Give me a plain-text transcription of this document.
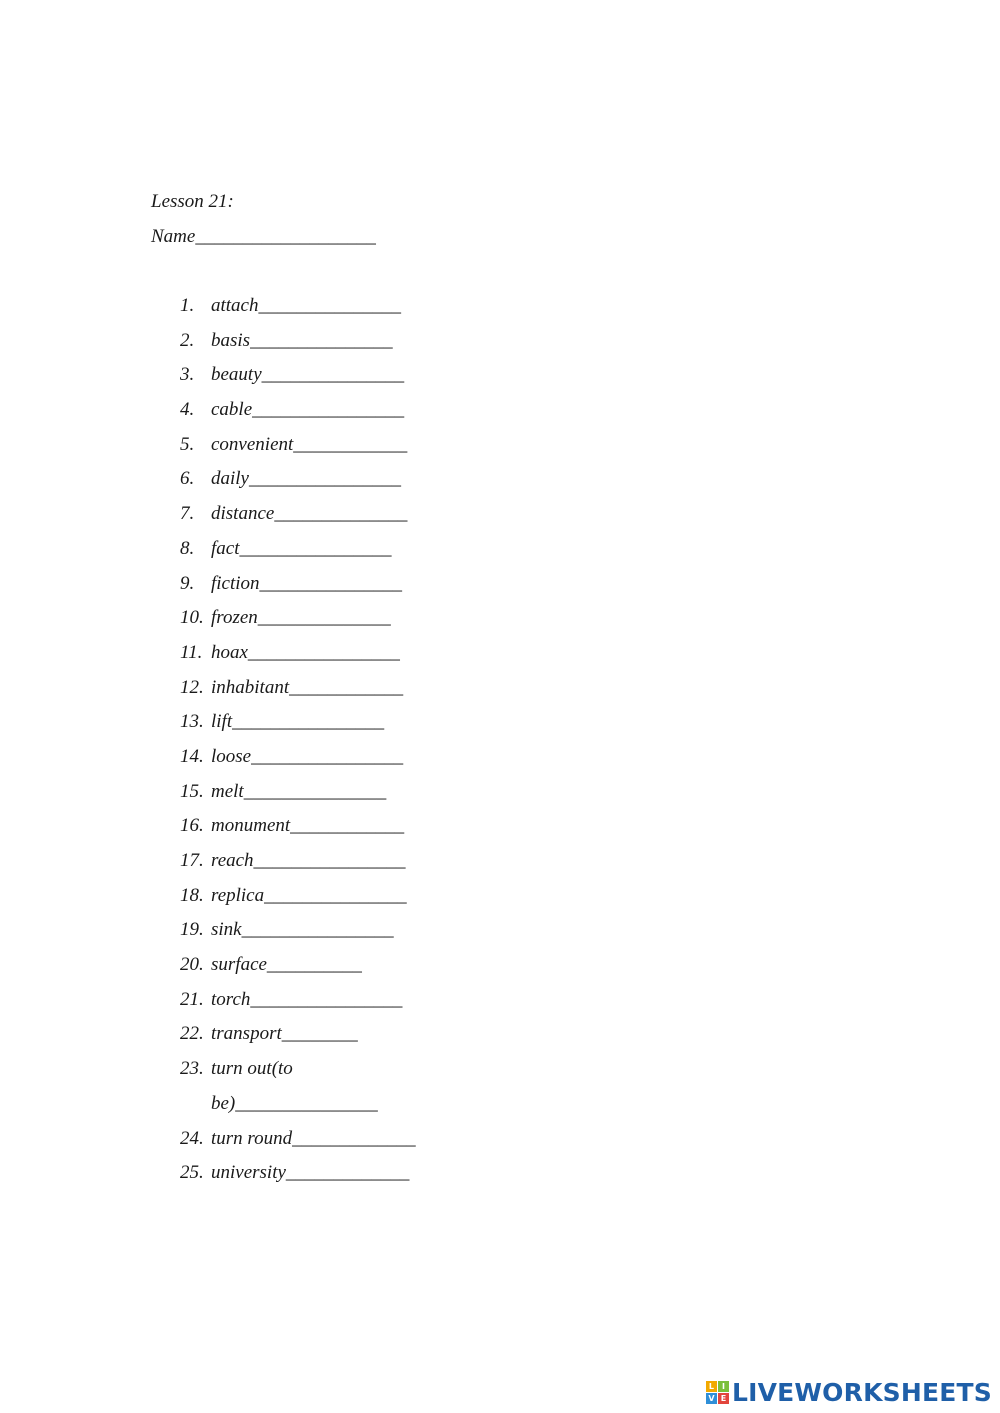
Lesson 21:
Name___________________
1. attach_______________
2. basis_______________
3. beauty_______________
4. cable________________
5. convenient____________
6. daily________________
7. distance______________
8. fact________________
9. fiction_______________
10. frozen______________
11. hoax________________
12. inhabitant____________
13. lift________________
14. loose________________
15. melt_______________
16. monument____________
17. reach________________
18. replica_______________
19. sink________________
20. surface__________
21. torch________________
22. transport________
23. turn out(to
be)_______________
24. turn round_____________
25. university_____________
L I
V E LIVEWORKSHEETS
